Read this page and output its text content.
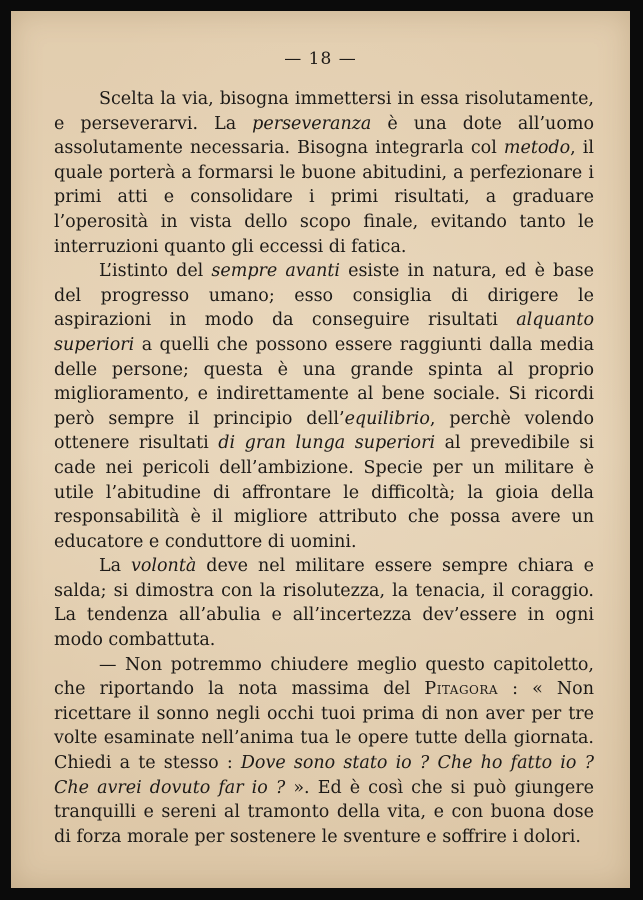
— 18 —

Scelta la via, bisogna immettersi in essa risolutamente, e perseverarvi. La perseveranza è una dote all’uomo assolutamente necessaria. Bisogna integrarla col metodo, il quale porterà a formarsi le buone abitudini, a perfezionare i primi atti e consolidare i primi risultati, a graduare l’operosità in vista dello scopo finale, evitando tanto le interruzioni quanto gli eccessi di fatica.

L’istinto del sempre avanti esiste in natura, ed è base del progresso umano; esso consiglia di dirigere le aspirazioni in modo da conseguire risultati alquanto superiori a quelli che possono essere raggiunti dalla media delle persone; questa è una grande spinta al proprio miglioramento, e indirettamente al bene sociale. Si ricordi però sempre il principio dell’equilibrio, perchè volendo ottenere risultati di gran lunga superiori al prevedibile si cade nei pericoli dell’ambizione. Specie per un militare è utile l’abitudine di affrontare le difficoltà; la gioia della responsabilità è il migliore attributo che possa avere un educatore e conduttore di uomini.

La volontà deve nel militare essere sempre chiara e salda; si dimostra con la risolutezza, la tenacia, il coraggio. La tendenza all’abulia e all’incertezza dev’essere in ogni modo combattuta.

— Non potremmo chiudere meglio questo capitoletto, che riportando la nota massima del Pitagora : « Non ricettare il sonno negli occhi tuoi prima di non aver per tre volte esaminate nell’anima tua le opere tutte della giornata. Chiedi a te stesso : Dove sono stato io ? Che ho fatto io ? Che avrei dovuto far io ? ». Ed è così che si può giungere tranquilli e sereni al tramonto della vita, e con buona dose di forza morale per sostenere le sventure e soffrire i dolori.
